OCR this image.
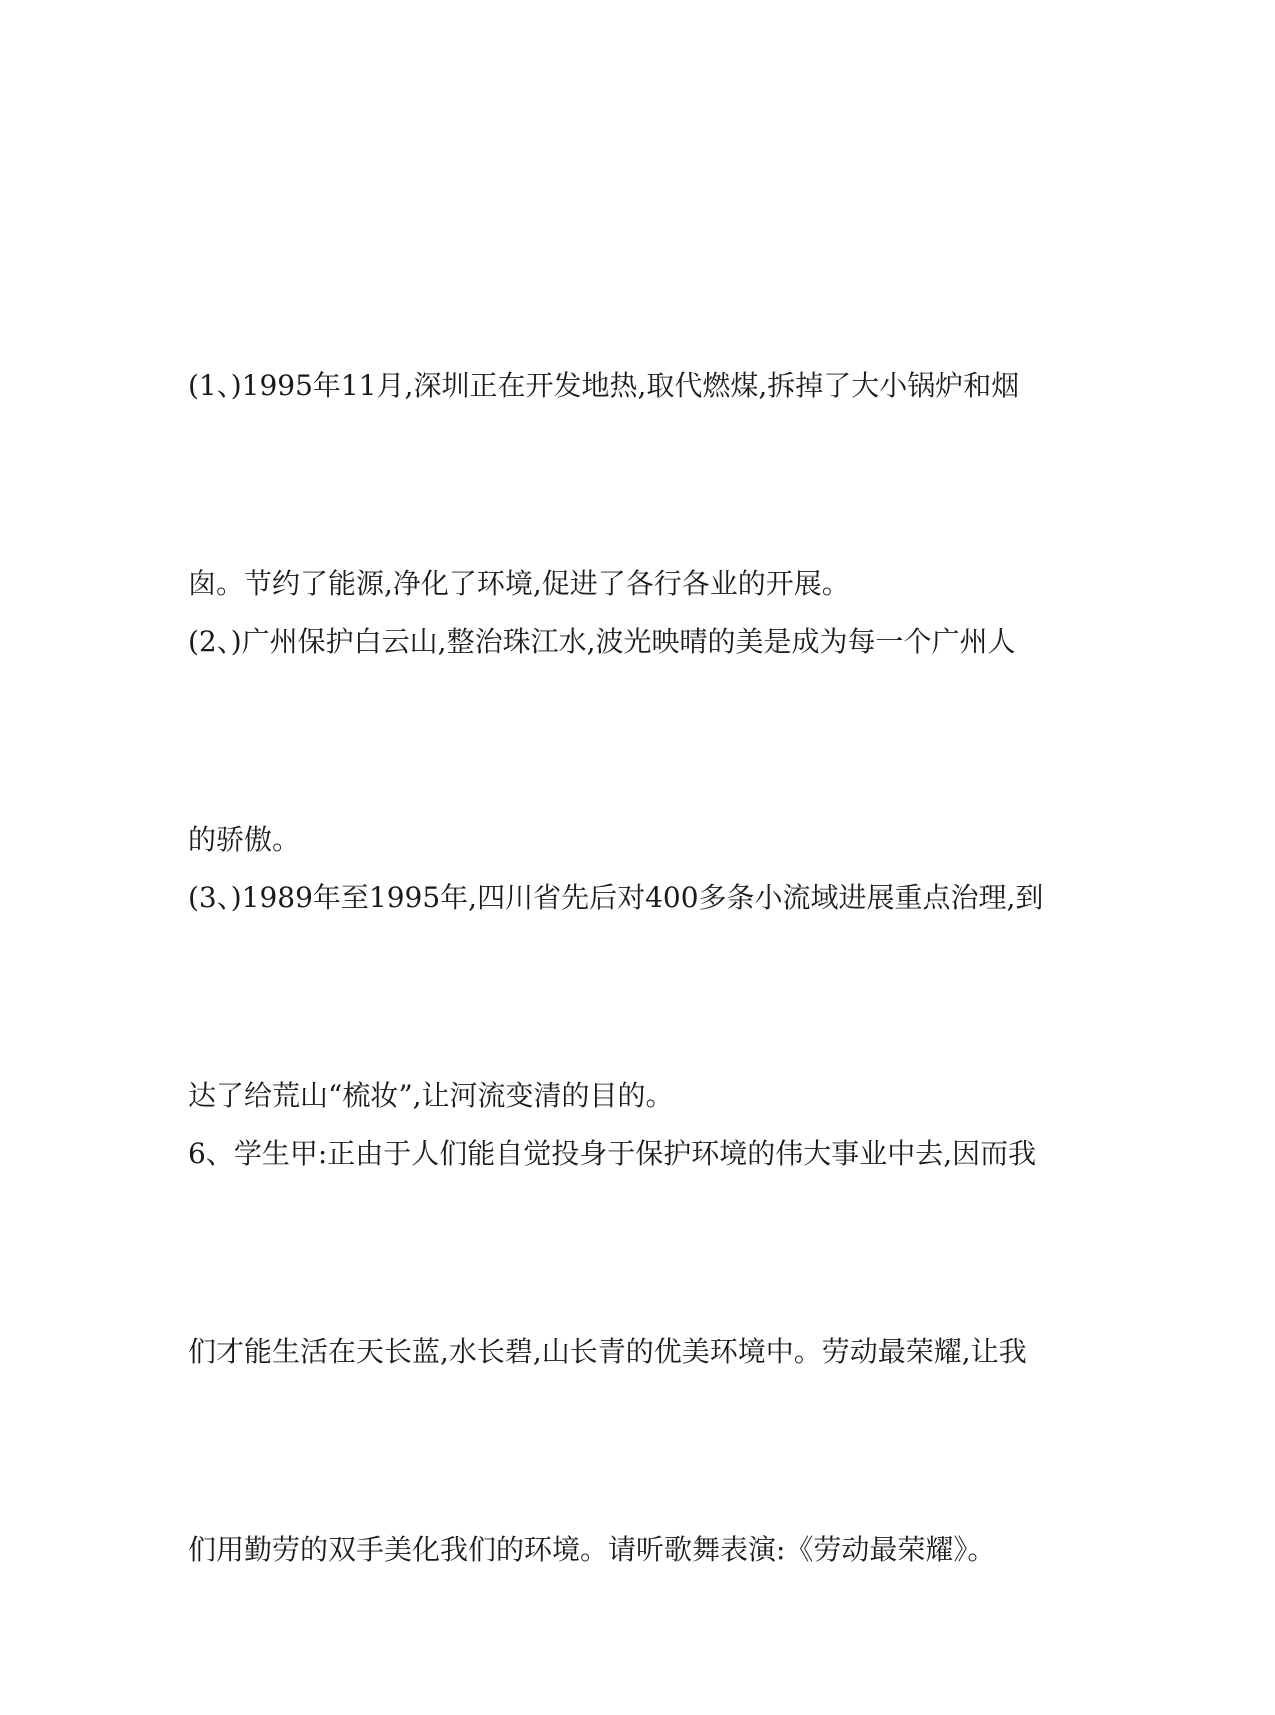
(1、)1995年11月,深圳正在开发地热,取代燃煤,拆掉了大小锅炉和烟

囱。节约了能源,净化了环境,促进了各行各业的开展。

(2、)广州保护白云山,整治珠江水,波光映晴的美是成为每一个广州人

的骄傲。

(3、)1989年至1995年,四川省先后对400多条小流域进展重点治理,到

达了给荒山“梳妆”,让河流变清的目的。

6、学生甲:正由于人们能自觉投身于保护环境的伟大事业中去,因而我

们才能生活在天长蓝,水长碧,山长青的优美环境中。劳动最荣耀,让我

们用勤劳的双手美化我们的环境。请听歌舞表演:《劳动最荣耀》。
